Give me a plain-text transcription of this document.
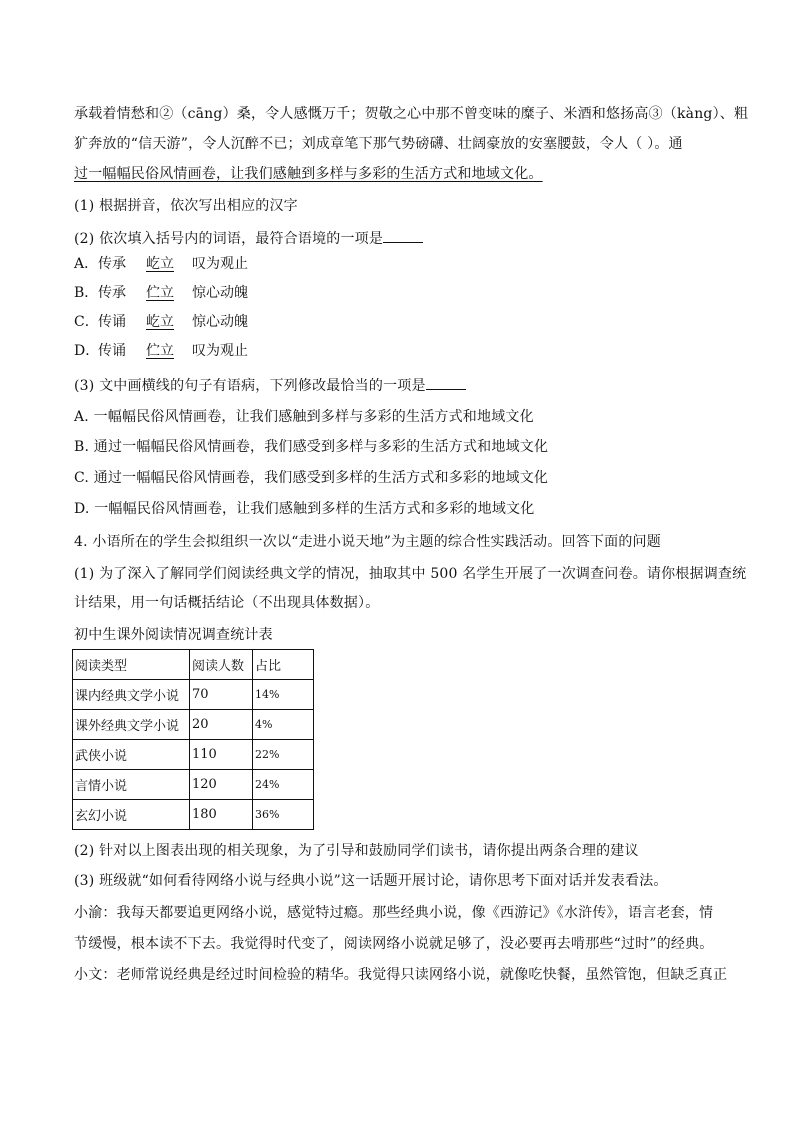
承载着情愁和②（cāng）桑，令人感慨万千；贺敬之心中那不曾变味的糜子、米酒和悠扬高③（kàng）、粗
犷奔放的“信天游”，令人沉醉不已；刘成章笔下那气势磅礴、壮阔豪放的安塞腰鼓，令人（ ）。通
过一幅幅民俗风情画卷，让我们感触到多样与多彩的生活方式和地域文化。
(1) 根据拼音，依次写出相应的汉字
(2) 依次填入括号内的词语，最符合语境的一项是
A．传承 屹立 叹为观止
B．传承 伫立 惊心动魄
C．传诵 屹立 惊心动魄
D．传诵 伫立 叹为观止
(3) 文中画横线的句子有语病，下列修改最恰当的一项是
A. 一幅幅民俗风情画卷，让我们感触到多样与多彩的生活方式和地域文化
B. 通过一幅幅民俗风情画卷，我们感受到多样与多彩的生活方式和地域文化
C. 通过一幅幅民俗风情画卷，我们感受到多样的生活方式和多彩的地域文化
D. 一幅幅民俗风情画卷，让我们感触到多样的生活方式和多彩的地域文化
4. 小语所在的学生会拟组织一次以“走进小说天地”为主题的综合性实践活动。回答下面的问题
(1) 为了深入了解同学们阅读经典文学的情况，抽取其中 500 名学生开展了一次调查问卷。请你根据调查统
计结果，用一句话概括结论（不出现具体数据）。
初中生课外阅读情况调查统计表
阅读类型	阅读人数	占比
课内经典文学小说	70	14%
课外经典文学小说	20	4%
武侠小说	110	22%
言情小说	120	24%
玄幻小说	180	36%
(2) 针对以上图表出现的相关现象，为了引导和鼓励同学们读书，请你提出两条合理的建议
(3) 班级就“如何看待网络小说与经典小说”这一话题开展讨论，请你思考下面对话并发表看法。
小渝：我每天都要追更网络小说，感觉特过瘾。那些经典小说，像《西游记》《水浒传》，语言老套，情
节缓慢，根本读不下去。我觉得时代变了，阅读网络小说就足够了，没必要再去啃那些“过时”的经典。
小文：老师常说经典是经过时间检验的精华。我觉得只读网络小说，就像吃快餐，虽然管饱，但缺乏真正
